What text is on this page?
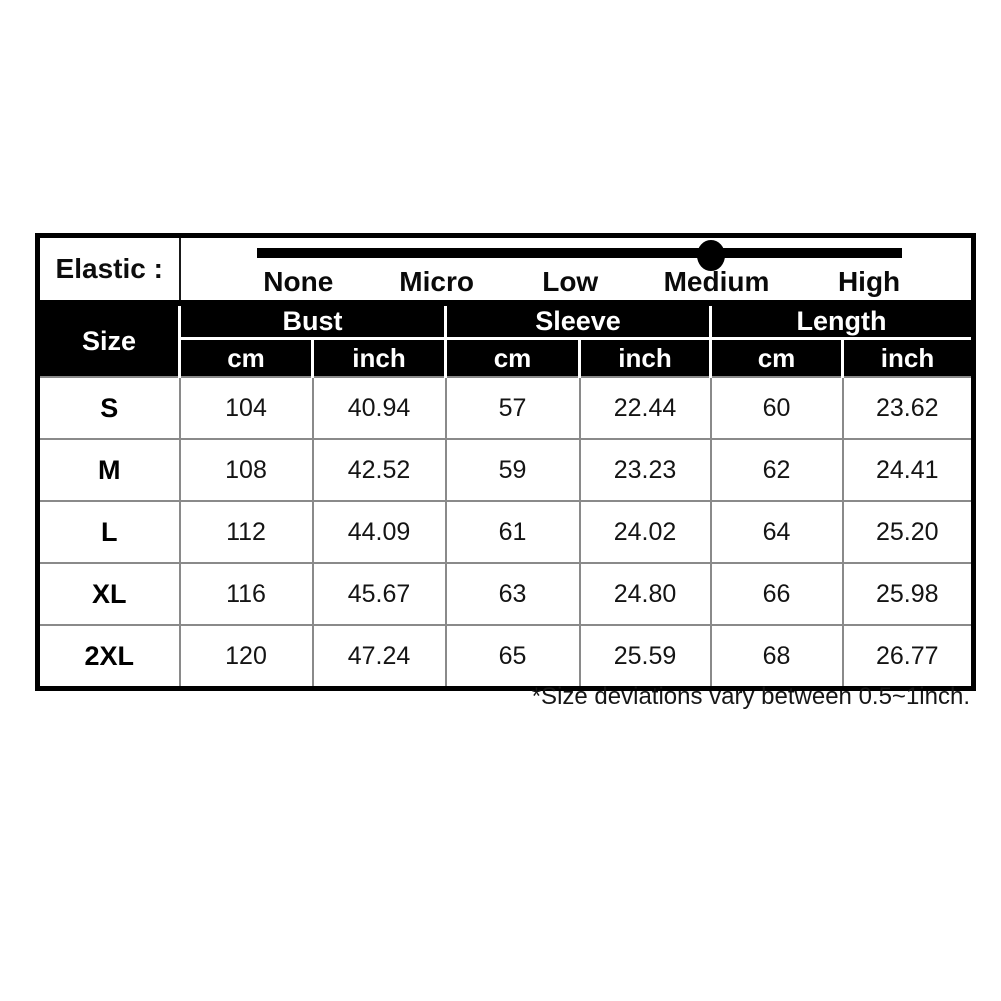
Elastic :	None Micro Low Medium High					

Size	Bust		Sleeve		Length	
	cm	inch	cm	inch	cm	inch
S	104	40.94	57	22.44	60	23.62
M	108	42.52	59	23.23	62	24.41
L	112	44.09	61	24.02	64	25.20
XL	116	45.67	63	24.80	66	25.98
2XL	120	47.24	65	25.59	68	26.77
*Size deviations vary between 0.5~1inch.
